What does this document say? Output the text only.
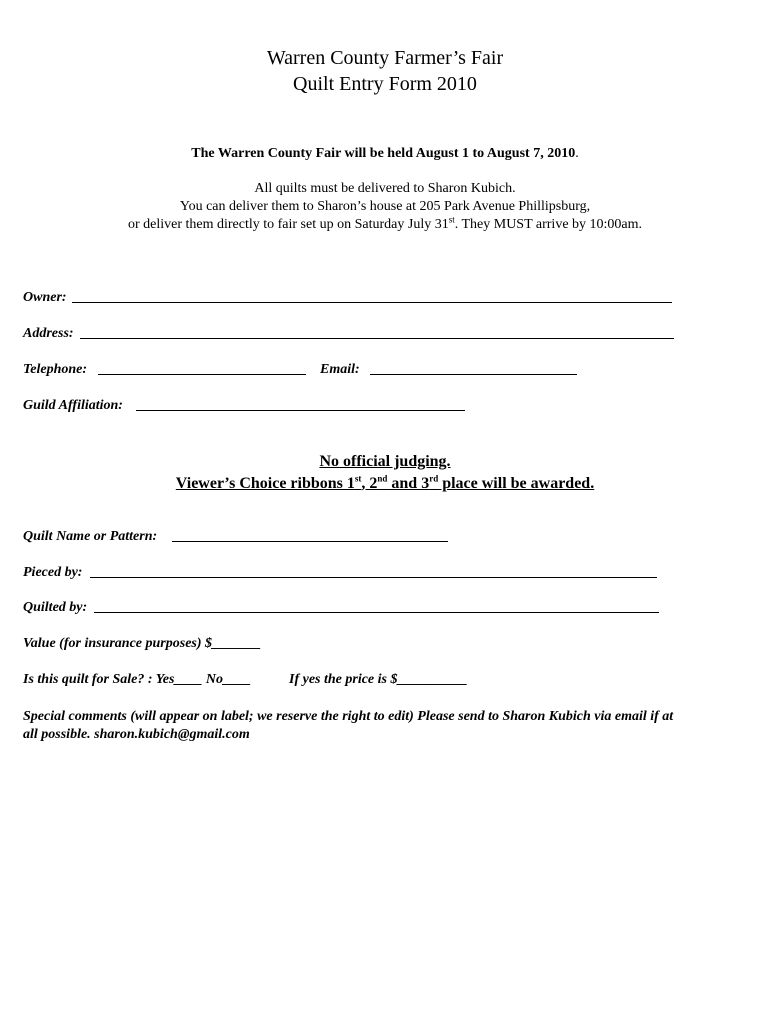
Warren County Farmer’s Fair
Quilt Entry Form 2010
The Warren County Fair will be held August 1 to August 7, 2010.
All quilts must be delivered to Sharon Kubich.
You can deliver them to Sharon’s house at 205 Park Avenue Phillipsburg,
or deliver them directly to fair set up on Saturday July 31st. They MUST arrive by 10:00am.
Owner:
Address:
Telephone:	Email:
Guild Affiliation:
No official judging.
Viewer’s Choice ribbons 1st, 2nd and 3rd place will be awarded.
Quilt Name or Pattern:
Pieced by:
Quilted by:
Value (for insurance purposes) $_______
Is this quilt for Sale? : Yes____ No____	If yes the price is $__________
Special comments (will appear on label; we reserve the right to edit) Please send to Sharon Kubich via email if at
all possible. sharon.kubich@gmail.com
